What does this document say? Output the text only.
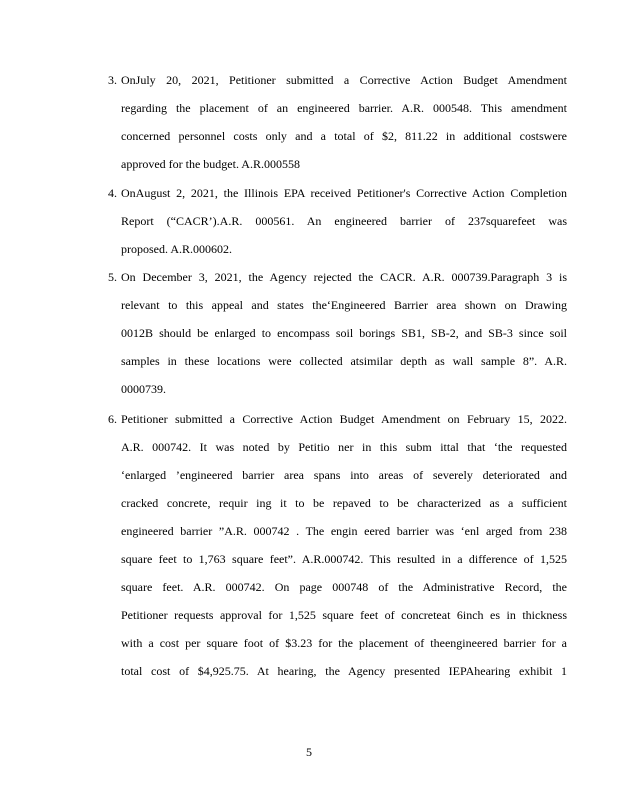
3. OnJuly 20, 2021, Petitioner submitted a Corrective Action Budget Amendment
regarding the placement of an engineered barrier. A.R. 000548. This amendment
concerned personnel costs only and a total of $2, 811.22 in additional costswere
approved for the budget. A.R.000558
4. OnAugust 2, 2021, the Illinois EPA received Petitioner's Corrective Action Completion
Report (“CACR’).A.R. 000561. An engineered barrier of 237squarefeet was
proposed. A.R.000602.
5. On December 3, 2021, the Agency rejected the CACR. A.R. 000739.Paragraph 3 is
relevant to this appeal and states the‘Engineered Barrier area shown on Drawing
0012B should be enlarged to encompass soil borings SB1, SB-2, and SB-3 since soil
samples in these locations were collected atsimilar depth as wall sample 8”. A.R.
0000739.
6. Petitioner submitted a Corrective Action Budget Amendment on February 15, 2022.
A.R. 000742. It was noted by Petitio ner in this subm ittal that ‘the requested
‘enlarged ’engineered barrier area spans into areas of severely deteriorated and
cracked concrete, requir ing it to be repaved to be characterized as a sufficient
engineered barrier ”A.R. 000742 . The engin eered barrier was ‘enl arged from 238
square feet to 1,763 square feet”. A.R.000742. This resulted in a difference of 1,525
square feet. A.R. 000742. On page 000748 of the Administrative Record, the
Petitioner requests approval for 1,525 square feet of concreteat 6inch es in thickness
with a cost per square foot of $3.23 for the placement of theengineered barrier for a
total cost of $4,925.75. At hearing, the Agency presented IEPAhearing exhibit 1
5
